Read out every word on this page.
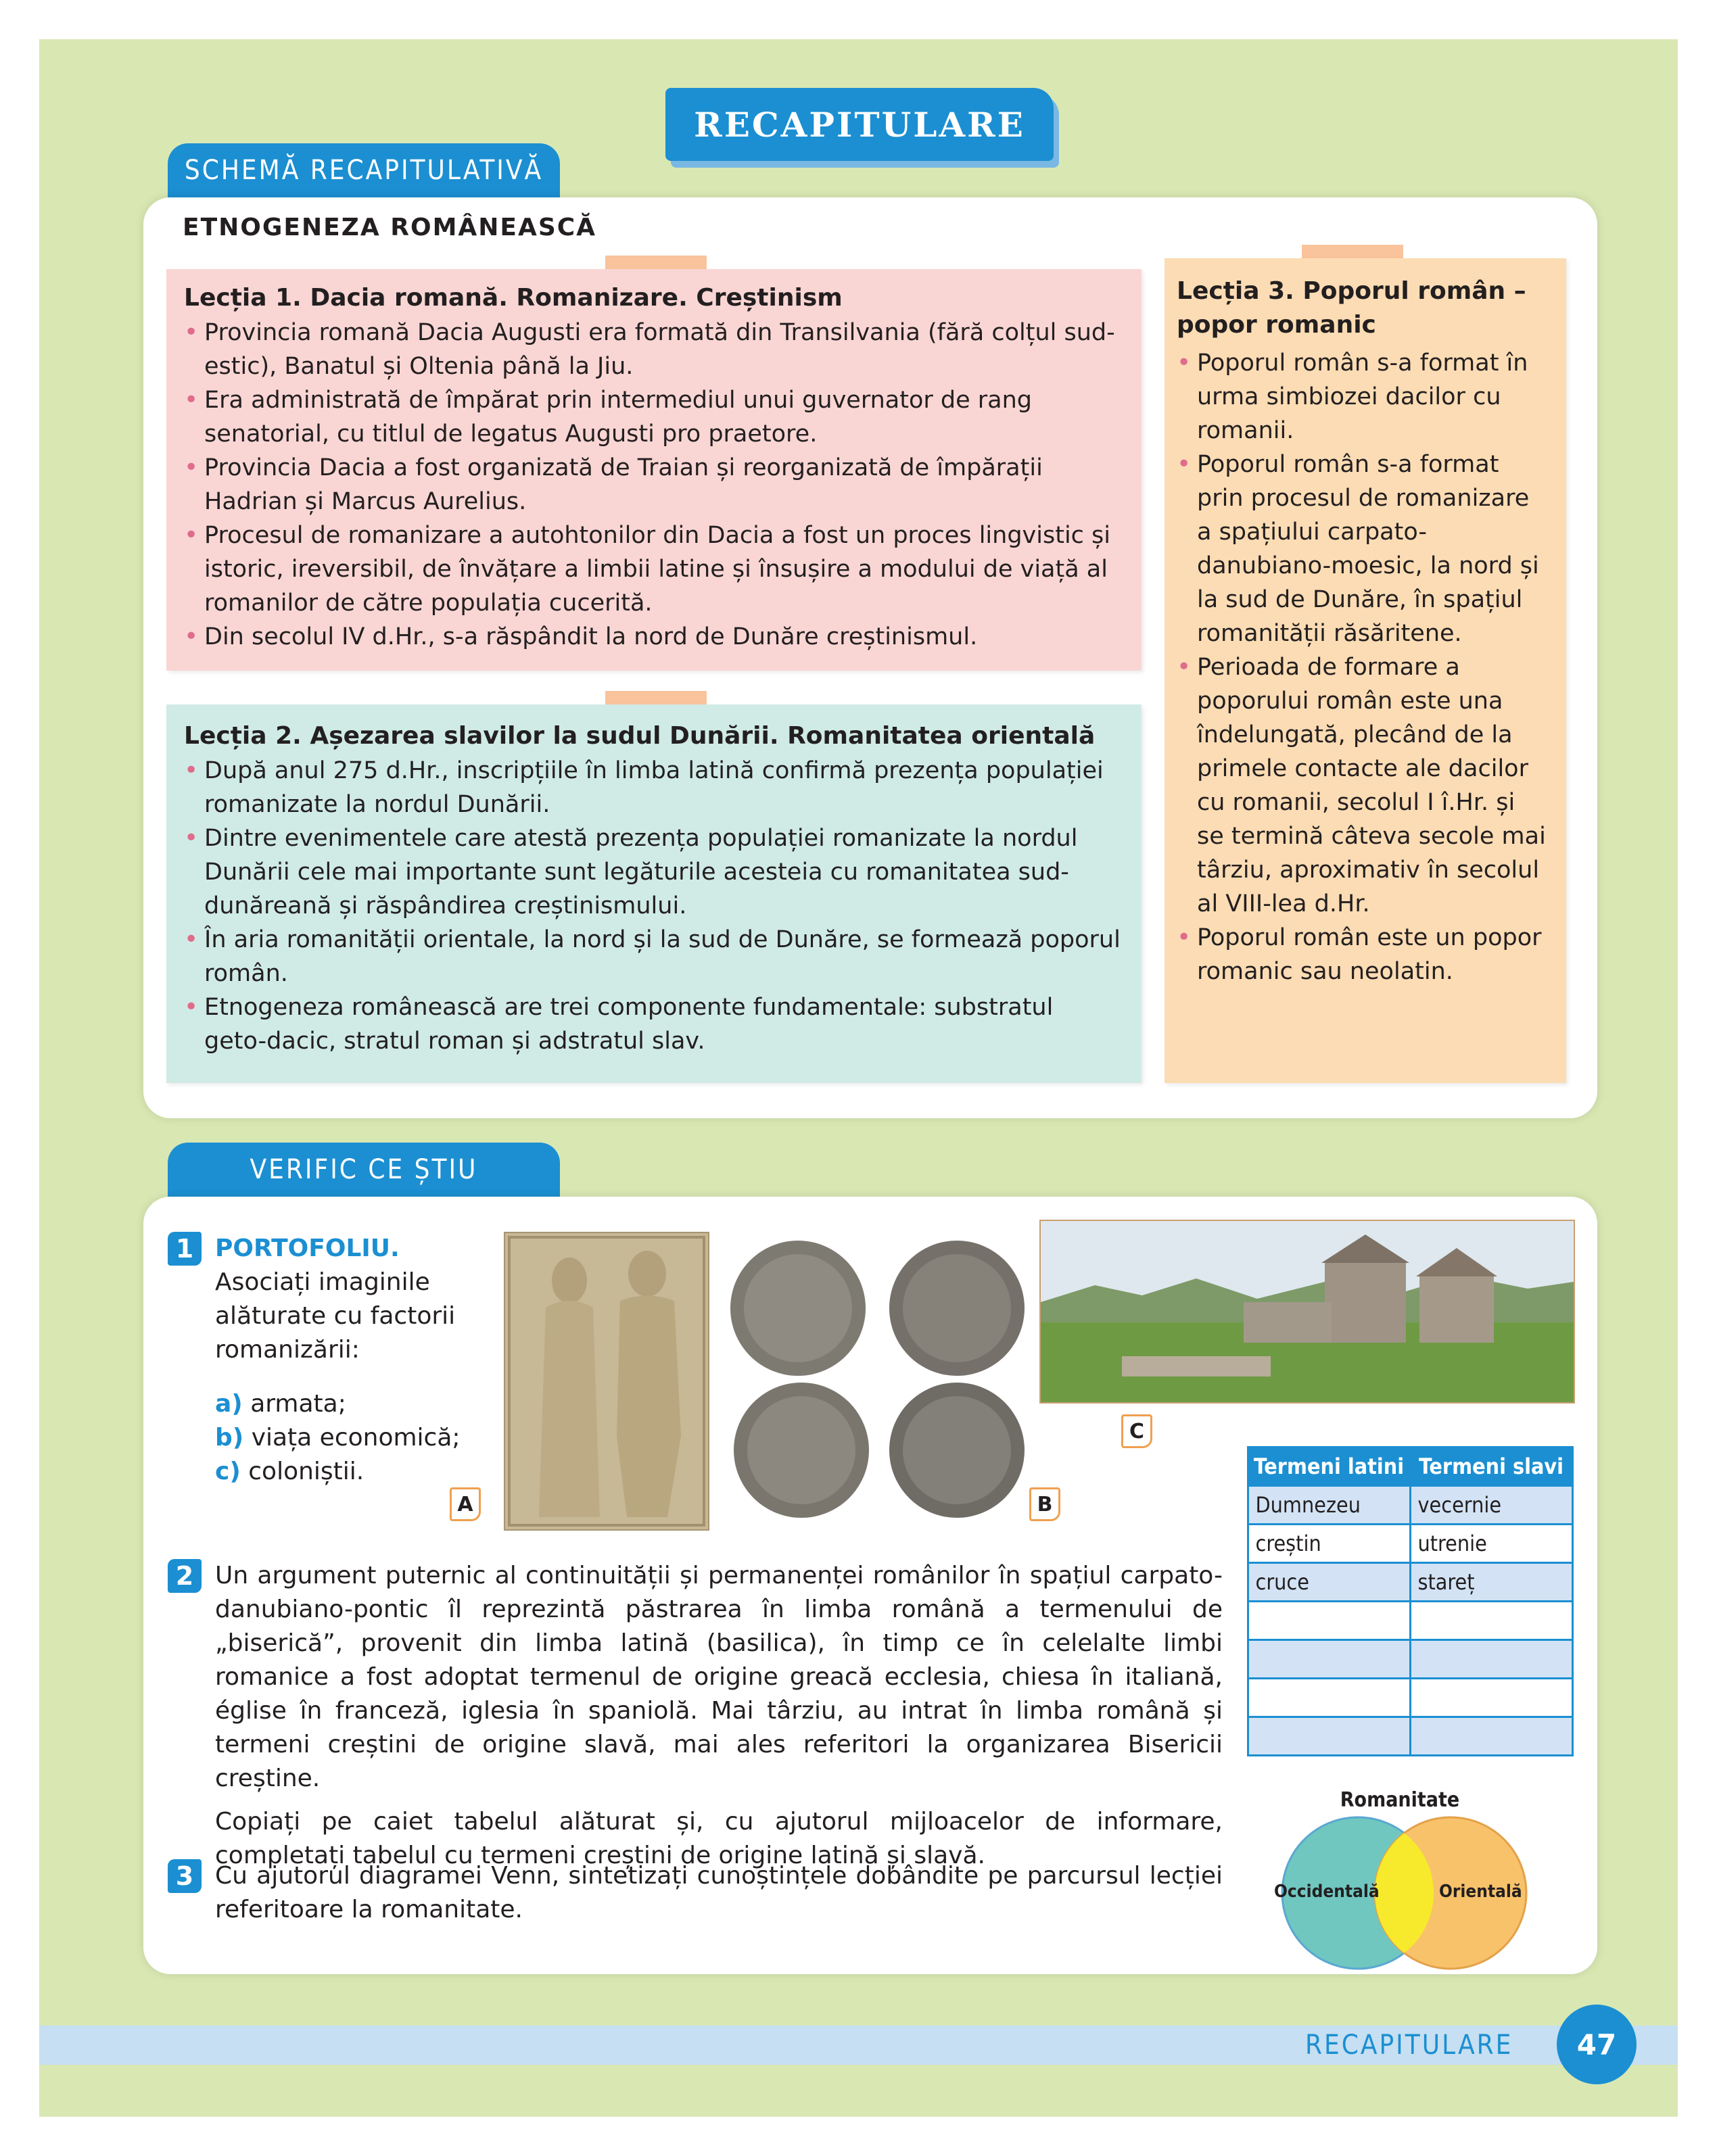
RECAPITULARE
SCHEMĂ RECAPITULATIVĂ
ETNOGENEZA ROMÂNEASCĂ
Lecția 1. Dacia romană. Romanizare. Creștinism
• Provincia romană Dacia Augusti era formată din Transilvania (fără colțul sud-estic), Banatul și Oltenia până la Jiu.
• Era administrată de împărat prin intermediul unui guvernator de rang senatorial, cu titlul de legatus Augusti pro praetore.
• Provincia Dacia a fost organizată de Traian și reorganizată de împărații Hadrian și Marcus Aurelius.
• Procesul de romanizare a autohtonilor din Dacia a fost un proces lingvistic și istoric, ireversibil, de învățare a limbii latine și însușire a modului de viață al romanilor de către populația cucerită.
• Din secolul IV d.Hr., s-a răspândit la nord de Dunăre creștinismul.
Lecția 2. Așezarea slavilor la sudul Dunării. Romanitatea orientală
• După anul 275 d.Hr., inscripțiile în limba latină confirmă prezența populației romanizate la nordul Dunării.
• Dintre evenimentele care atestă prezența populației romanizate la nordul Dunării cele mai importante sunt legăturile acesteia cu romanitatea sud-dunăreană și răspândirea creștinismului.
• În aria romanității orientale, la nord și la sud de Dunăre, se formează poporul român.
• Etnogeneza românească are trei componente fundamentale: substratul geto-dacic, stratul roman și adstratul slav.
Lecția 3. Poporul român – popor romanic
• Poporul român s-a format în urma simbiozei dacilor cu romanii.
• Poporul român s-a format prin procesul de romanizare a spațiului carpato-danubiano-moesic, la nord și la sud de Dunăre, în spațiul romanității răsăritene.
• Perioada de formare a poporului român este una îndelungată, plecând de la primele contacte ale dacilor cu romanii, secolul I î.Hr. și se termină câteva secole mai târziu, aproximativ în secolul al VIII-lea d.Hr.
• Poporul român este un popor romanic sau neolatin.
VERIFIC CE ȘTIU
1 PORTOFOLIU.
Asociați imaginile alăturate cu factorii romanizării:
a) armata;
b) viața economică;
c) coloniștii.
A	B
C
Termeni latini Termeni slavi
Dumnezeu	vecernie
creștin	utrenie
cruce	stareț
2 Un argument puternic al continuității și permanenței românilor în spațiul carpato-danubiano-pontic îl reprezintă păstrarea în limba română a termenului de „biserică”, provenit din limba latină (basilica), în timp ce în celelalte limbi romanice a fost adoptat termenul de origine greacă ecclesia, chiesa în italiană, église în franceză, iglesia în spaniolă. Mai târziu, au intrat în limba română și termeni creștini de origine slavă, mai ales referitori la organizarea Bisericii creștine.
Copiați pe caiet tabelul alăturat și, cu ajutorul mijloacelor de informare, completați tabelul cu termeni creștini de origine latină și slavă.
3 Cu ajutorul diagramei Venn, sintetizați cunoștințele dobândite pe parcursul lecției referitoare la romanitate.
Romanitate
Occidentală	Orientală
RECAPITULARE	47
